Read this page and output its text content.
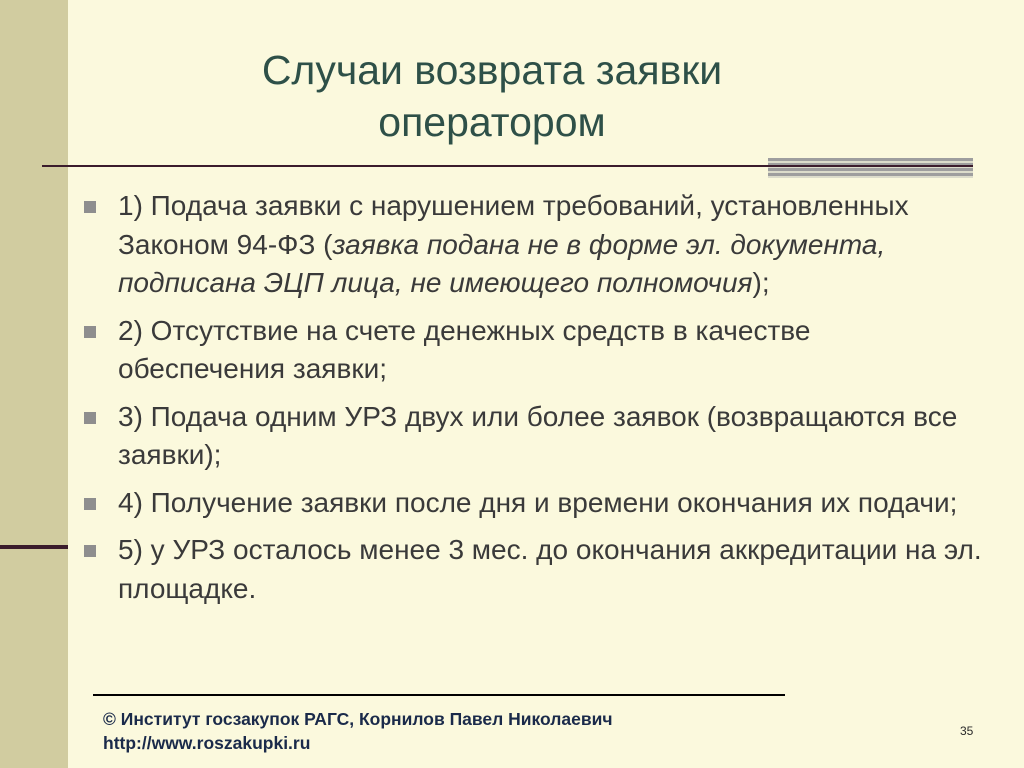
Случаи возврата заявки
оператором
1) Подача заявки с нарушением требований, установленных Законом 94-ФЗ (заявка подана не в форме эл. документа, подписана ЭЦП лица, не имеющего полномочия);
2) Отсутствие на счете денежных средств в качестве обеспечения заявки;
3) Подача одним УРЗ двух или более заявок (возвращаются все заявки);
4) Получение заявки после дня и времени окончания их подачи;
5) у УРЗ осталось менее 3 мес. до окончания аккредитации на эл. площадке.
© Институт госзакупок РАГС, Корнилов Павел Николаевич
http://www.roszakupki.ru
35
